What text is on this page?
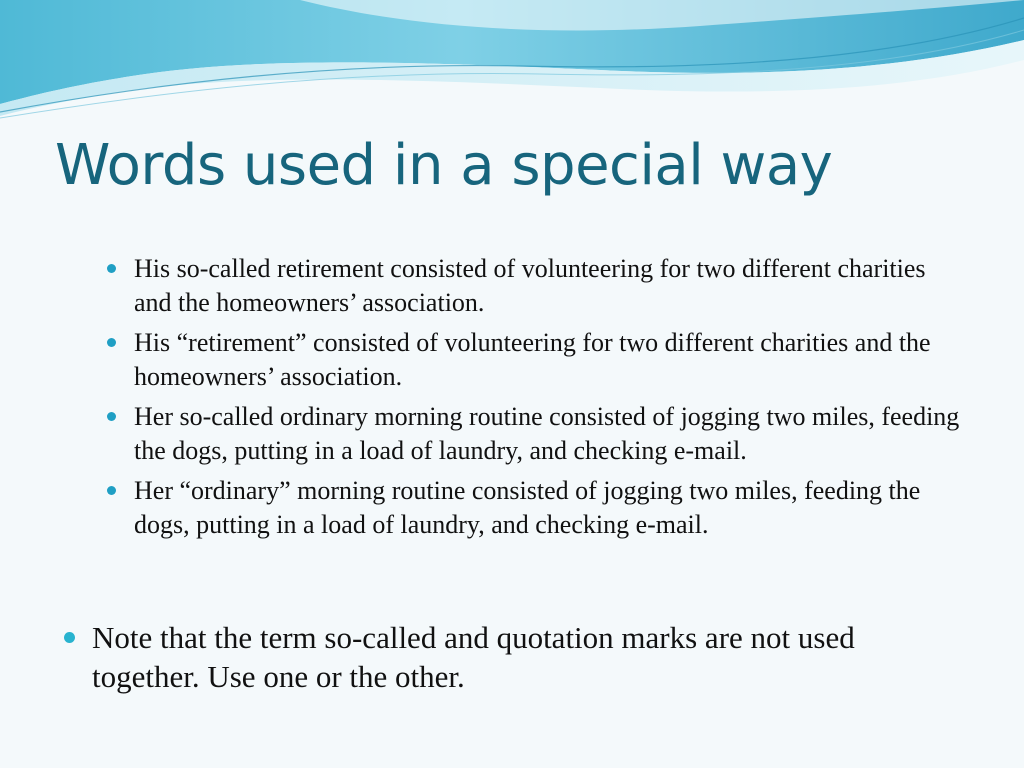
Words used in a special way
His so-called retirement consisted of volunteering for two different charities and the homeowners’ association.
His “retirement” consisted of volunteering for two different charities and the homeowners’ association.
Her so-called ordinary morning routine consisted of jogging two miles, feeding the dogs, putting in a load of laundry, and checking e-mail.
Her “ordinary” morning routine consisted of jogging two miles, feeding the dogs, putting in a load of laundry, and checking e-mail.
Note that the term so-called and quotation marks are not used together. Use one or the other.
